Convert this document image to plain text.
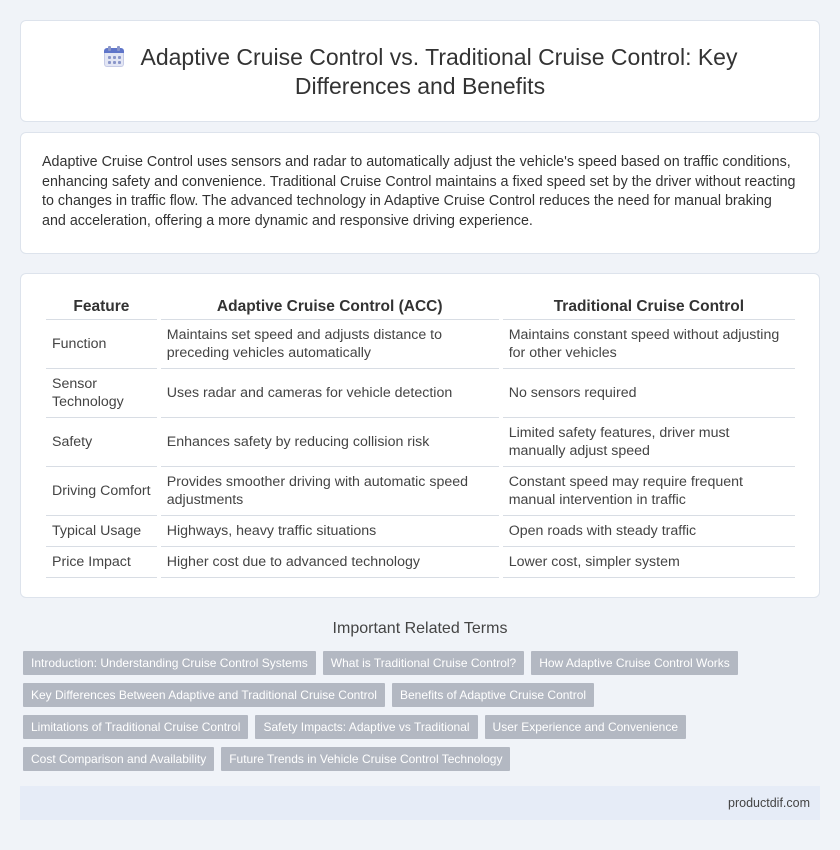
Adaptive Cruise Control vs. Traditional Cruise Control: Key Differences and Benefits

Adaptive Cruise Control uses sensors and radar to automatically adjust the vehicle's speed based on traffic conditions, enhancing safety and convenience. Traditional Cruise Control maintains a fixed speed set by the driver without reacting to changes in traffic flow. The advanced technology in Adaptive Cruise Control reduces the need for manual braking and acceleration, offering a more dynamic and responsive driving experience.

Feature	Adaptive Cruise Control (ACC)	Traditional Cruise Control
Function	Maintains set speed and adjusts distance to preceding vehicles automatically	Maintains constant speed without adjusting for other vehicles
Sensor Technology	Uses radar and cameras for vehicle detection	No sensors required
Safety	Enhances safety by reducing collision risk	Limited safety features, driver must manually adjust speed
Driving Comfort	Provides smoother driving with automatic speed adjustments	Constant speed may require frequent manual intervention in traffic
Typical Usage	Highways, heavy traffic situations	Open roads with steady traffic
Price Impact	Higher cost due to advanced technology	Lower cost, simpler system
Important Related Terms
Introduction: Understanding Cruise Control Systems	What is Traditional Cruise Control?	How Adaptive Cruise Control Works
Key Differences Between Adaptive and Traditional Cruise Control	Benefits of Adaptive Cruise Control
Limitations of Traditional Cruise Control	Safety Impacts: Adaptive vs Traditional	User Experience and Convenience
Cost Comparison and Availability	Future Trends in Vehicle Cruise Control Technology
productdif.com
